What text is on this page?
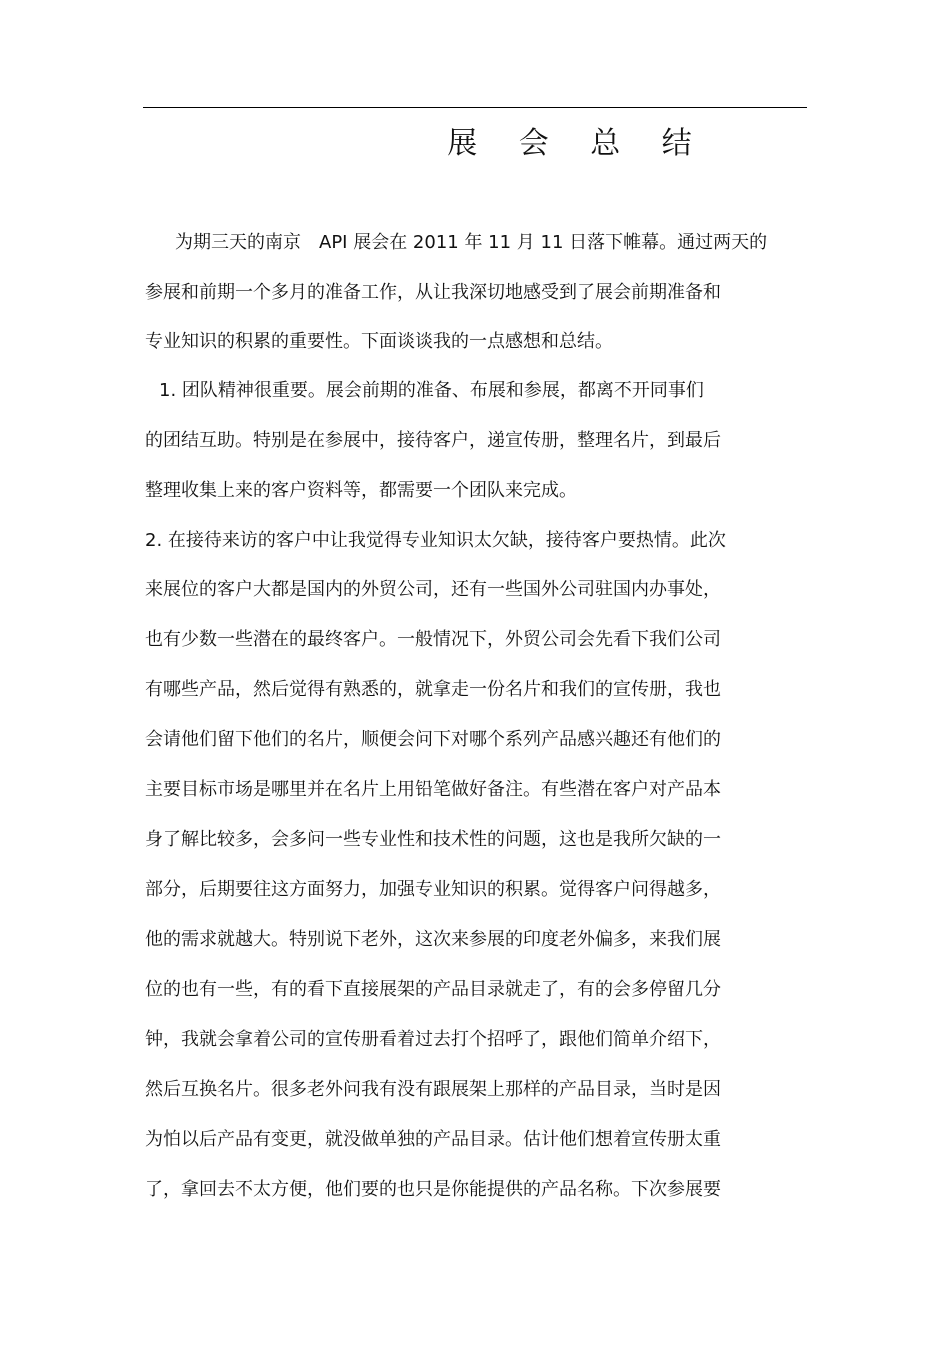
展 会 总 结
为期三天的南京　API 展会在 2011 年 11 月 11 日落下帷幕。通过两天的
参展和前期一个多月的准备工作，从让我深切地感受到了展会前期准备和
专业知识的积累的重要性。下面谈谈我的一点感想和总结。
1. 团队精神很重要。展会前期的准备、布展和参展，都离不开同事们
的团结互助。特别是在参展中，接待客户，递宣传册，整理名片，到最后
整理收集上来的客户资料等，都需要一个团队来完成。
2. 在接待来访的客户中让我觉得专业知识太欠缺，接待客户要热情。此次
来展位的客户大都是国内的外贸公司，还有一些国外公司驻国内办事处，
也有少数一些潜在的最终客户。一般情况下，外贸公司会先看下我们公司
有哪些产品，然后觉得有熟悉的，就拿走一份名片和我们的宣传册，我也
会请他们留下他们的名片，顺便会问下对哪个系列产品感兴趣还有他们的
主要目标市场是哪里并在名片上用铅笔做好备注。有些潜在客户对产品本
身了解比较多，会多问一些专业性和技术性的问题，这也是我所欠缺的一
部分，后期要往这方面努力，加强专业知识的积累。觉得客户问得越多，
他的需求就越大。特别说下老外，这次来参展的印度老外偏多，来我们展
位的也有一些，有的看下直接展架的产品目录就走了，有的会多停留几分
钟，我就会拿着公司的宣传册看着过去打个招呼了，跟他们简单介绍下，
然后互换名片。很多老外问我有没有跟展架上那样的产品目录，当时是因
为怕以后产品有变更，就没做单独的产品目录。估计他们想着宣传册太重
了，拿回去不太方便，他们要的也只是你能提供的产品名称。下次参展要
